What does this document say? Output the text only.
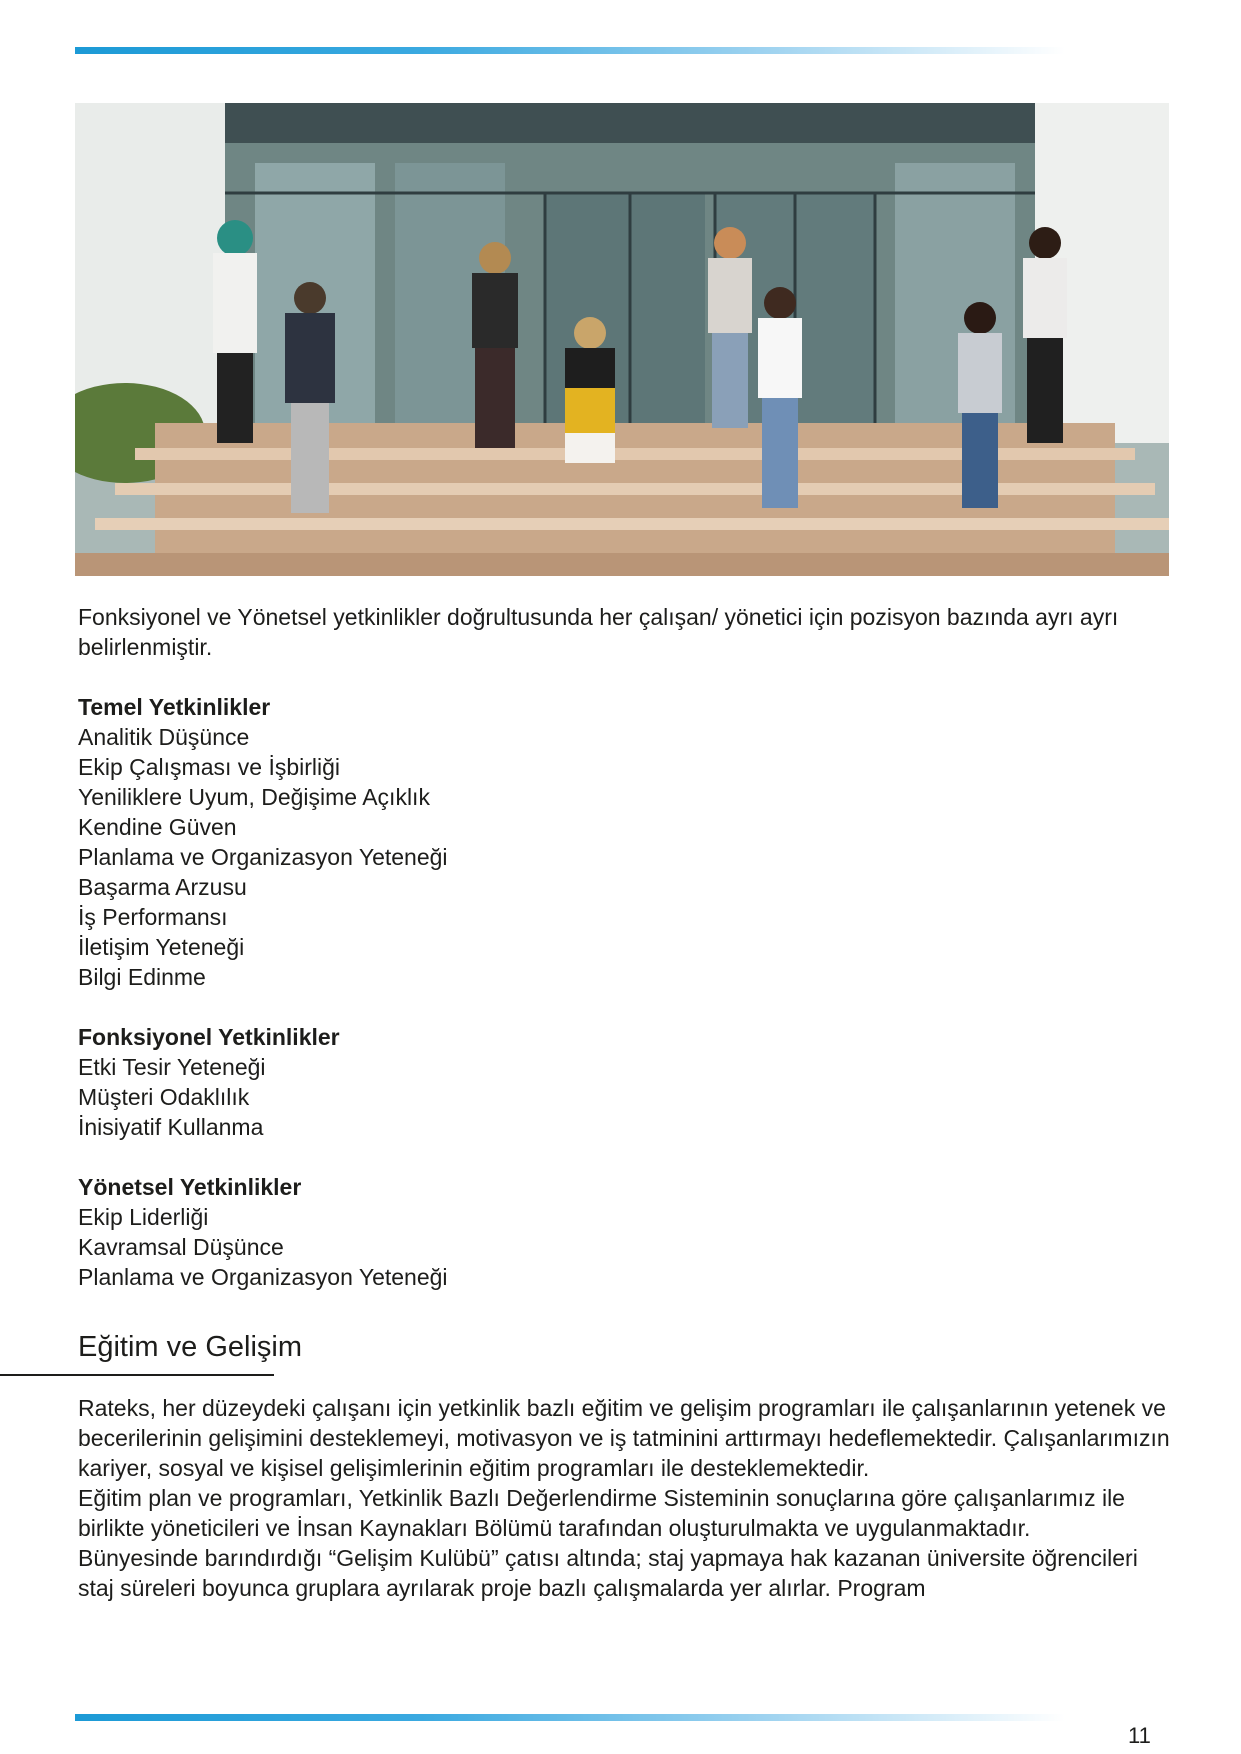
Fonksiyonel ve Yönetsel yetkinlikler doğrultusunda her çalışan/ yönetici için pozisyon bazında ayrı ayrı belirlenmiştir.
Temel Yetkinlikler
Analitik Düşünce
Ekip Çalışması ve İşbirliği
Yeniliklere Uyum, Değişime Açıklık
Kendine Güven
Planlama ve Organizasyon Yeteneği
Başarma Arzusu
İş Performansı
İletişim Yeteneği
Bilgi Edinme
Fonksiyonel Yetkinlikler
Etki Tesir Yeteneği
Müşteri Odaklılık
İnisiyatif Kullanma
Yönetsel Yetkinlikler
Ekip Liderliği
Kavramsal Düşünce
Planlama ve Organizasyon Yeteneği
Eğitim ve Gelişim

Rateks, her düzeydeki çalışanı için yetkinlik bazlı eğitim ve gelişim programları ile çalışanlarının yetenek ve becerilerinin gelişimini desteklemeyi, motivasyon ve iş tatminini arttırmayı hedeflemektedir. Çalışanlarımızın kariyer, sosyal ve kişisel gelişimlerinin eğitim programları ile desteklemektedir.

Eğitim plan ve programları, Yetkinlik Bazlı Değerlendirme Sisteminin sonuçlarına göre çalışanlarımız ile birlikte yöneticileri ve İnsan Kaynakları Bölümü tarafından oluşturulmakta ve uygulanmaktadır.

Bünyesinde barındırdığı “Gelişim Kulübü” çatısı altında; staj yapmaya hak kazanan üniversite öğrencileri staj süreleri boyunca gruplara ayrılarak proje bazlı çalışmalarda yer alırlar. Program

11
